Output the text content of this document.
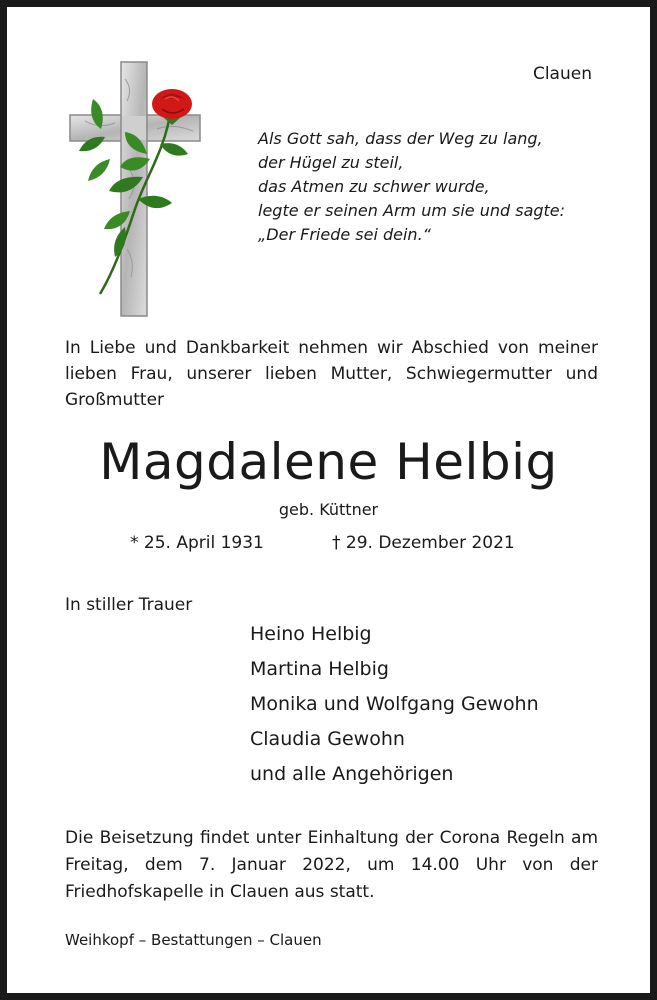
Clauen
Als Gott sah, dass der Weg zu lang,
der Hügel zu steil,
das Atmen zu schwer wurde,
legte er seinen Arm um sie und sagte:
„Der Friede sei dein.“
In Liebe und Dankbarkeit nehmen wir Abschied von meiner lieben Frau, unserer lieben Mutter, Schwiegermutter und Großmutter
Magdalene Helbig
geb. Küttner
* 25. April 1931	† 29. Dezember 2021
In stiller Trauer
Heino Helbig
Martina Helbig
Monika und Wolfgang Gewohn
Claudia Gewohn
und alle Angehörigen
Die Beisetzung findet unter Einhaltung der Corona Regeln am Freitag, dem 7. Januar 2022, um 14.00 Uhr von der Friedhofskapelle in Clauen aus statt.
Weihkopf – Bestattungen – Clauen
